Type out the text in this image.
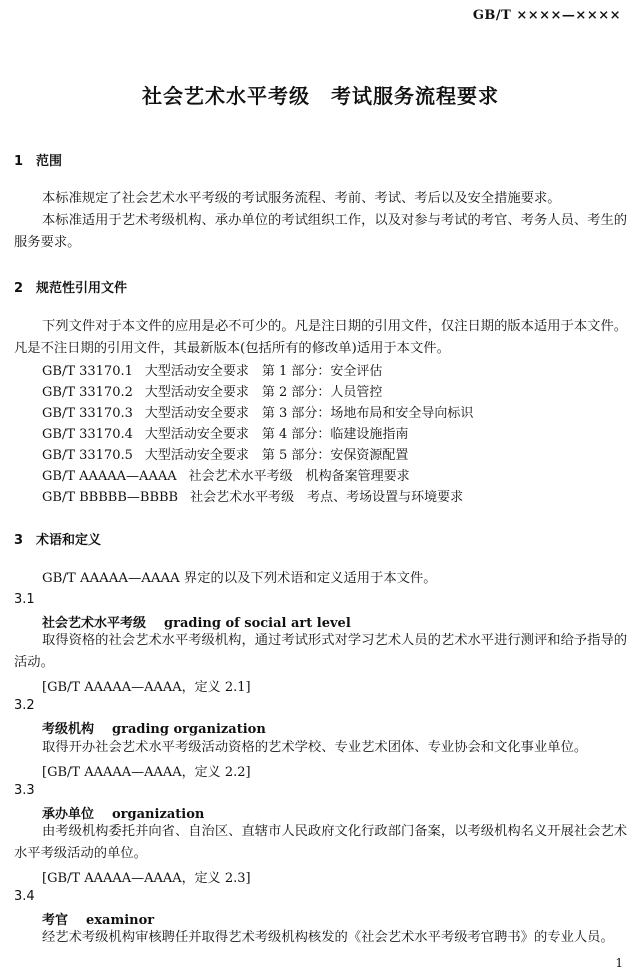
GB/T ××××—××××
社会艺术水平考级　考试服务流程要求
1 范围
本标准规定了社会艺术水平考级的考试服务流程、考前、考试、考后以及安全措施要求。
本标准适用于艺术考级机构、承办单位的考试组织工作，以及对参与考试的考官、考务人员、考生的服务要求。
2 规范性引用文件
下列文件对于本文件的应用是必不可少的。凡是注日期的引用文件，仅注日期的版本适用于本文件。凡是不注日期的引用文件，其最新版本(包括所有的修改单)适用于本文件。
GB/T 33170.1 大型活动安全要求　第 1 部分：安全评估
GB/T 33170.2 大型活动安全要求　第 2 部分：人员管控
GB/T 33170.3 大型活动安全要求　第 3 部分：场地布局和安全导向标识
GB/T 33170.4 大型活动安全要求　第 4 部分：临建设施指南
GB/T 33170.5 大型活动安全要求　第 5 部分：安保资源配置
GB/T AAAAA—AAAA 社会艺术水平考级　机构备案管理要求
GB/T BBBBB—BBBB 社会艺术水平考级　考点、考场设置与环境要求
3 术语和定义
GB/T AAAAA—AAAA 界定的以及下列术语和定义适用于本文件。
3.1
社会艺术水平考级 grading of social art level
取得资格的社会艺术水平考级机构，通过考试形式对学习艺术人员的艺术水平进行测评和给予指导的活动。
[GB/T AAAAA—AAAA，定义 2.1]
3.2
考级机构 grading organization
取得开办社会艺术水平考级活动资格的艺术学校、专业艺术团体、专业协会和文化事业单位。
[GB/T AAAAA—AAAA，定义 2.2]
3.3
承办单位 organization
由考级机构委托并向省、自治区、直辖市人民政府文化行政部门备案，以考级机构名义开展社会艺术水平考级活动的单位。
[GB/T AAAAA—AAAA，定义 2.3]
3.4
考官 examinor
经艺术考级机构审核聘任并取得艺术考级机构核发的《社会艺术水平考级考官聘书》的专业人员。
1
